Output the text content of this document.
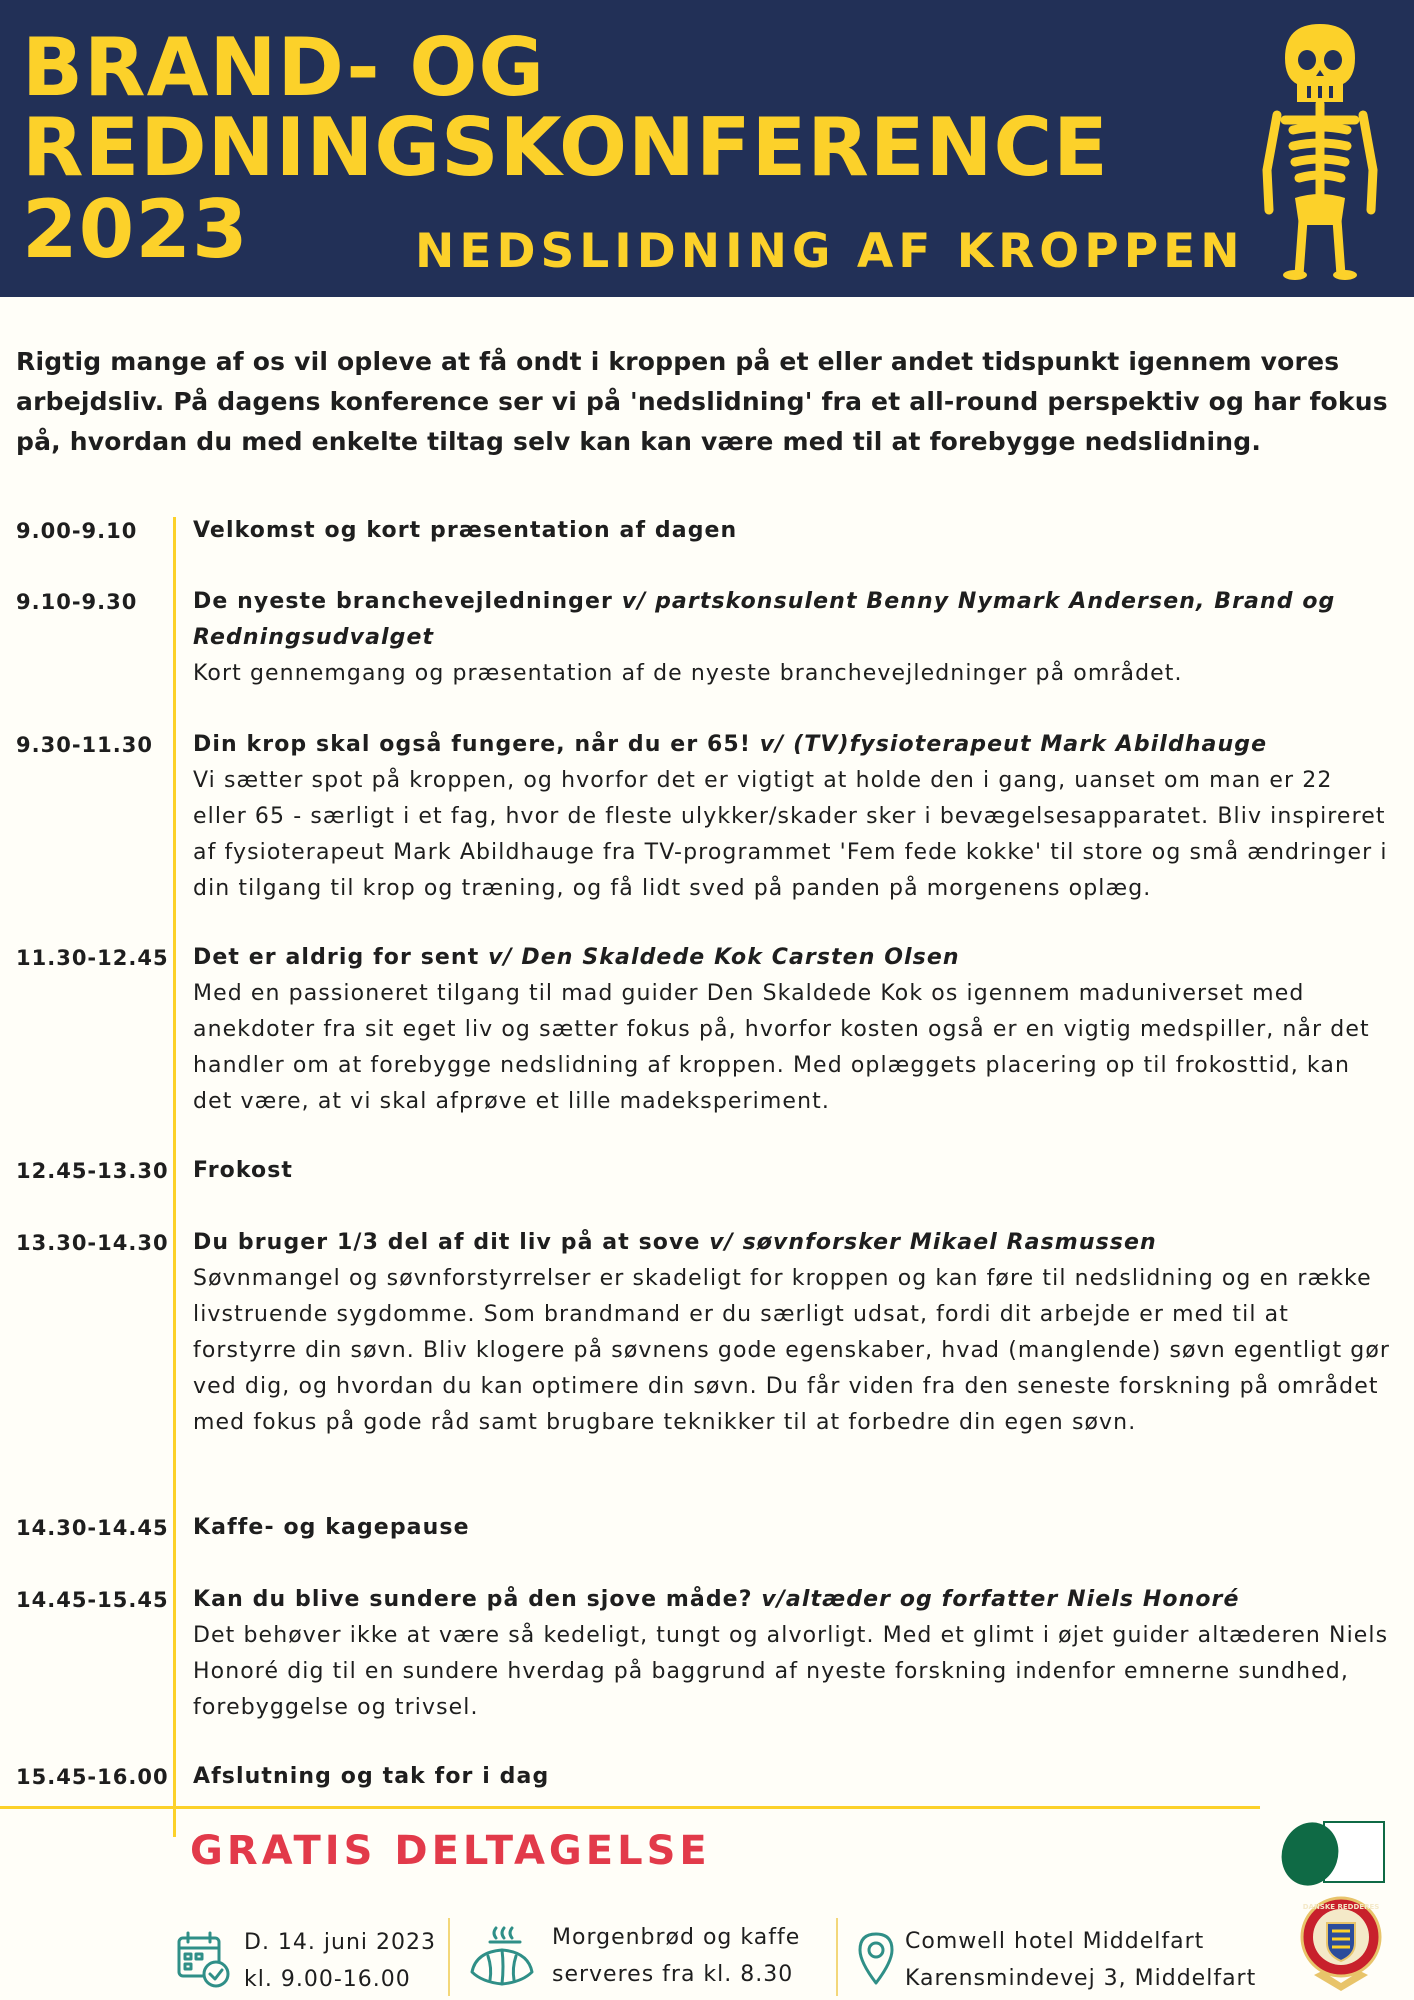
BRAND- OG
REDNINGSKONFERENCE
2023	NEDSLIDNING AF KROPPEN

Rigtig mange af os vil opleve at få ondt i kroppen på et eller andet tidspunkt igennem vores arbejdsliv. På dagens konference ser vi på 'nedslidning' fra et all-round perspektiv og har fokus på, hvordan du med enkelte tiltag selv kan kan være med til at forebygge nedslidning.

9.00-9.10	Velkomst og kort præsentation af dagen
9.10-9.30	De nyeste branchevejledninger v/ partskonsulent Benny Nymark Andersen, Brand og Redningsudvalget
Kort gennemgang og præsentation af de nyeste branchevejledninger på området.
9.30-11.30 Din krop skal også fungere, når du er 65! v/ (TV)fysioterapeut Mark Abildhauge
Vi sætter spot på kroppen, og hvorfor det er vigtigt at holde den i gang, uanset om man er 22 eller 65 - særligt i et fag, hvor de fleste ulykker/skader sker i bevægelsesapparatet. Bliv inspireret af fysioterapeut Mark Abildhauge fra TV-programmet 'Fem fede kokke' til store og små ændringer i din tilgang til krop og træning, og få lidt sved på panden på morgenens oplæg.
11.30-12.45 Det er aldrig for sent v/ Den Skaldede Kok Carsten Olsen
Med en passioneret tilgang til mad guider Den Skaldede Kok os igennem maduniverset med anekdoter fra sit eget liv og sætter fokus på, hvorfor kosten også er en vigtig medspiller, når det handler om at forebygge nedslidning af kroppen. Med oplæggets placering op til frokosttid, kan det være, at vi skal afprøve et lille madeksperiment.
12.45-13.30 Frokost
13.30-14.30 Du bruger 1/3 del af dit liv på at sove v/ søvnforsker Mikael Rasmussen
Søvnmangel og søvnforstyrrelser er skadeligt for kroppen og kan føre til nedslidning og en række livstruende sygdomme. Som brandmand er du særligt udsat, fordi dit arbejde er med til at forstyrre din søvn. Bliv klogere på søvnens gode egenskaber, hvad (manglende) søvn egentligt gør ved dig, og hvordan du kan optimere din søvn. Du får viden fra den seneste forskning på området med fokus på gode råd samt brugbare teknikker til at forbedre din egen søvn.
14.30-14.45 Kaffe- og kagepause
14.45-15.45 Kan du blive sundere på den sjove måde? v/altæder og forfatter Niels Honoré
Det behøver ikke at være så kedeligt, tungt og alvorligt. Med et glimt i øjet guider altæderen Niels Honoré dig til en sundere hverdag på baggrund af nyeste forskning indenfor emnerne sundhed, forebyggelse og trivsel.
15.45-16.00 Afslutning og tak for i dag
GRATIS DELTAGELSE
D. 14. juni 2023
kl. 9.00-16.00
Morgenbrød og kaffe
serveres fra kl. 8.30
Comwell hotel Middelfart
Karensmindevej 3, Middelfart
DANSKE REDDERES
